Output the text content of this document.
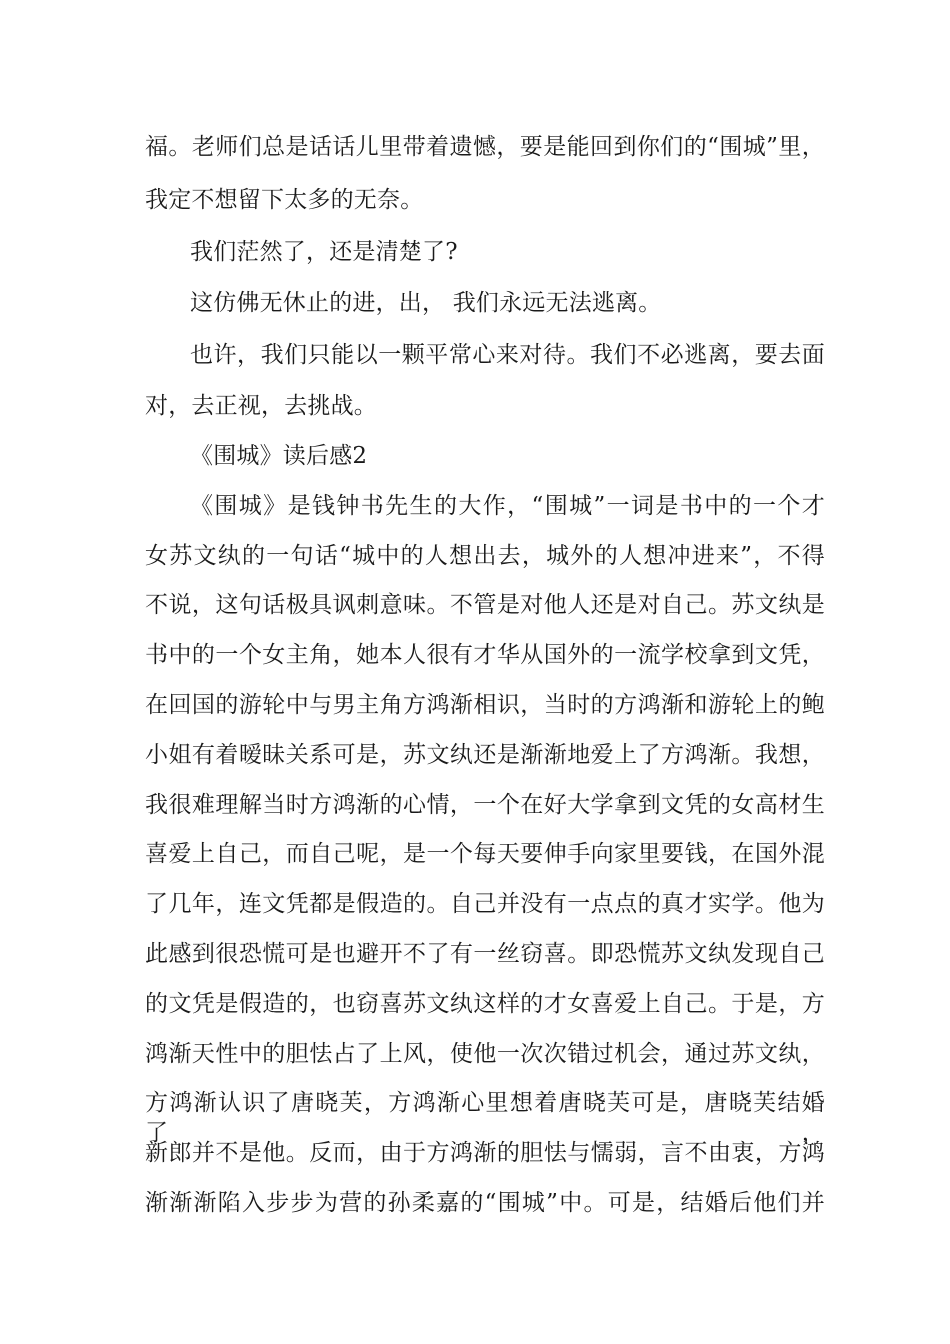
福。老师们总是话话儿里带着遗憾，要是能回到你们的“围城”里，
我定不想留下太多的无奈。
我们茫然了，还是清楚了?
这仿佛无休止的进，出， 我们永远无法逃离。
也许，我们只能以一颗平常心来对待。我们不必逃离，要去面
对，去正视，去挑战。
《围城》读后感2
《围城》是钱钟书先生的大作，“围城”一词是书中的一个才
女苏文纨的一句话“城中的人想出去，城外的人想冲进来”，不得
不说，这句话极具讽刺意味。不管是对他人还是对自己。苏文纨是
书中的一个女主角，她本人很有才华从国外的一流学校拿到文凭，
在回国的游轮中与男主角方鸿渐相识，当时的方鸿渐和游轮上的鲍
小姐有着暧昧关系可是，苏文纨还是渐渐地爱上了方鸿渐。我想，
我很难理解当时方鸿渐的心情，一个在好大学拿到文凭的女高材生
喜爱上自己，而自己呢，是一个每天要伸手向家里要钱，在国外混
了几年，连文凭都是假造的。自己并没有一点点的真才实学。他为
此感到很恐慌可是也避开不了有一丝窃喜。即恐慌苏文纨发现自己
的文凭是假造的，也窃喜苏文纨这样的才女喜爱上自己。于是，方
鸿渐天性中的胆怯占了上风，使他一次次错过机会，通过苏文纨，
方鸿渐认识了唐晓芙，方鸿渐心里想着唐晓芙可是，唐晓芙结婚了，
新郎并不是他。反而，由于方鸿渐的胆怯与懦弱，言不由衷，方鸿
渐渐渐陷入步步为营的孙柔嘉的“围城”中。可是，结婚后他们并
